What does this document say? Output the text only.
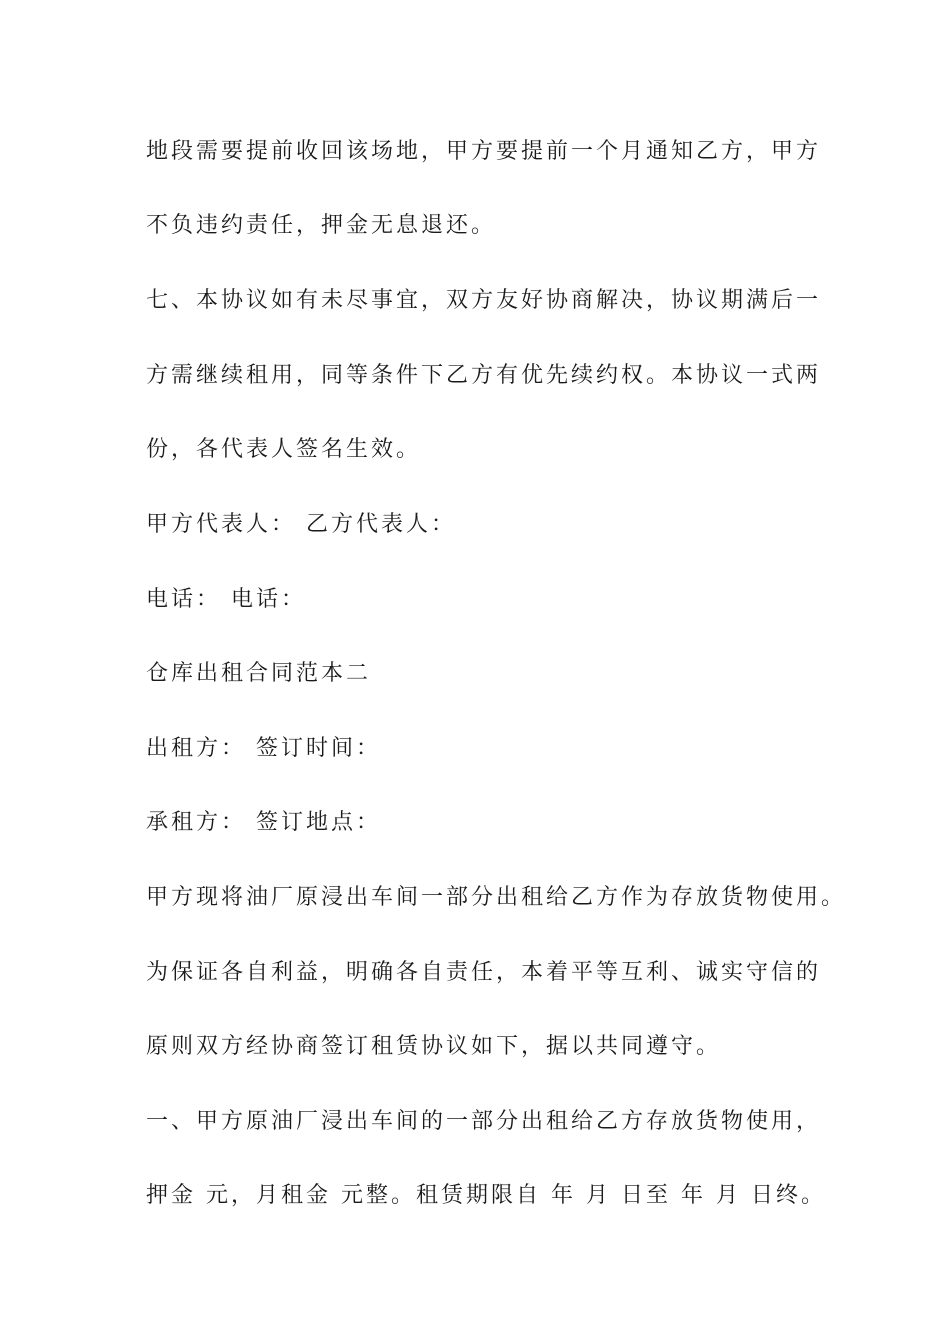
地段需要提前收回该场地，甲方要提前一个月通知乙方，甲方
不负违约责任，押金无息退还。
七、本协议如有未尽事宜，双方友好协商解决，协议期满后一
方需继续租用，同等条件下乙方有优先续约权。本协议一式两
份，各代表人签名生效。
甲方代表人： 乙方代表人：
电话： 电话：
仓库出租合同范本二
出租方： 签订时间：
承租方： 签订地点：
甲方现将油厂原浸出车间一部分出租给乙方作为存放货物使用。
为保证各自利益，明确各自责任，本着平等互利、诚实守信的
原则双方经协商签订租赁协议如下，据以共同遵守。
一、甲方原油厂浸出车间的一部分出租给乙方存放货物使用，
押金 元，月租金 元整。租赁期限自 年 月 日至 年 月 日终。
